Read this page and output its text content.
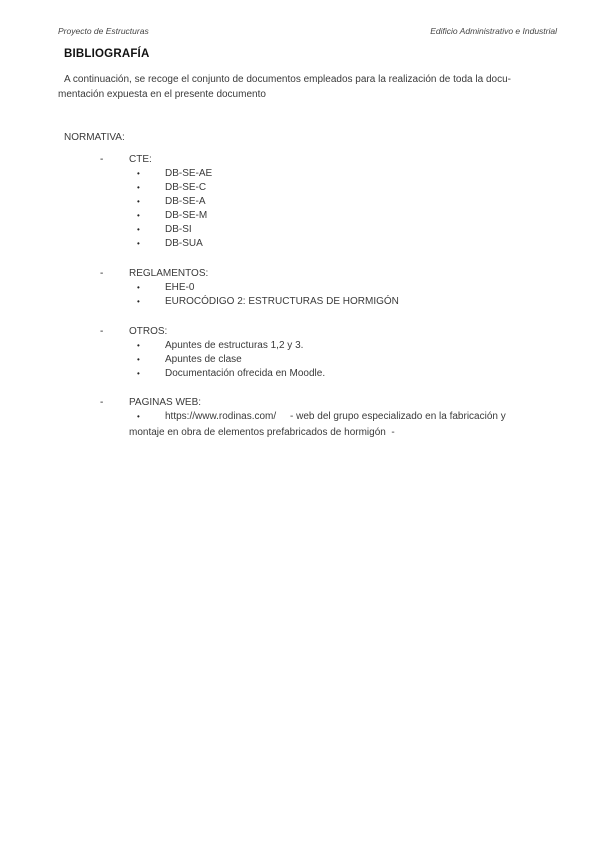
Proyecto de Estructuras	Edificio Administrativo e Industrial
BIBLIOGRAFÍA
A continuación, se recoge el conjunto de documentos empleados para la realización de toda la docu-
mentación expuesta en el presente documento
NORMATIVA:
-	CTE:
•	DB-SE-AE
•	DB-SE-C
•	DB-SE-A
•	DB-SE-M
•	DB-SI
•	DB-SUA
-	REGLAMENTOS:
•	EHE-0
•	EUROCÓDIGO 2: ESTRUCTURAS DE HORMIGÓN
-	OTROS:
•	Apuntes de estructuras 1,2 y 3.
•	Apuntes de clase
•	Documentación ofrecida en Moodle.
-	PAGINAS WEB:
•	https://www.rodinas.com/     - web del grupo especializado en la fabricación y
montaje en obra de elementos prefabricados de hormigón  -
